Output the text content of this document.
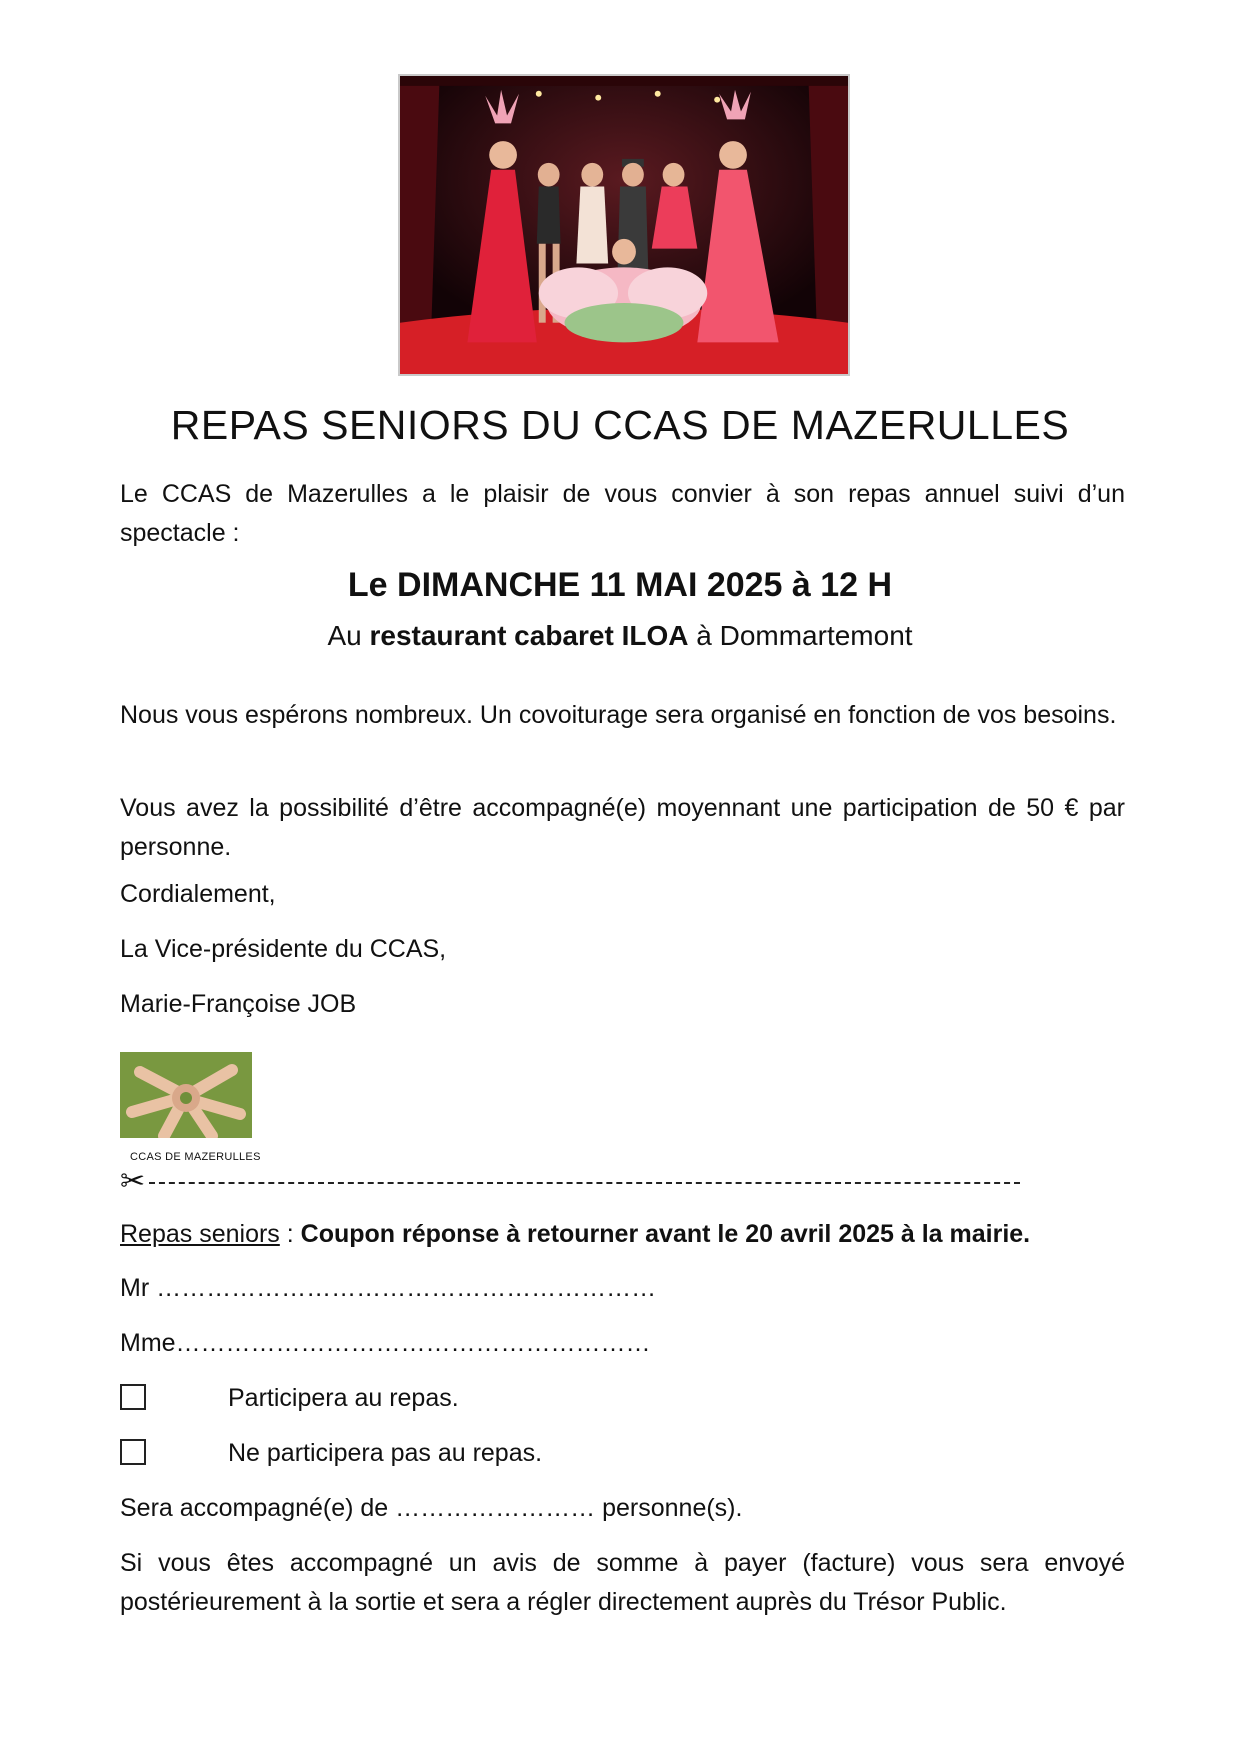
REPAS SENIORS DU CCAS DE MAZERULLES
Le CCAS de Mazerulles a le plaisir de vous convier à son repas annuel suivi d’un spectacle :
Le DIMANCHE 11 MAI 2025 à 12 H
Au restaurant cabaret ILOA à Dommartemont
Nous vous espérons nombreux. Un covoiturage sera organisé en fonction de vos besoins.
Vous avez la possibilité d’être accompagné(e) moyennant une participation de 50 € par personne.
Cordialement,
La Vice-présidente du CCAS,
Marie-Françoise JOB
CCAS DE MAZERULLES
✂
Repas seniors : Coupon réponse à retourner avant le 20 avril 2025 à la mairie.
Mr ……………………………………………………
Mme…………………………………………………
Participera au repas.
Ne participera pas au repas.
Sera accompagné(e) de …………………… personne(s).
Si vous êtes accompagné un avis de somme à payer (facture) vous sera envoyé postérieurement à la sortie et sera a régler directement auprès du Trésor Public.
